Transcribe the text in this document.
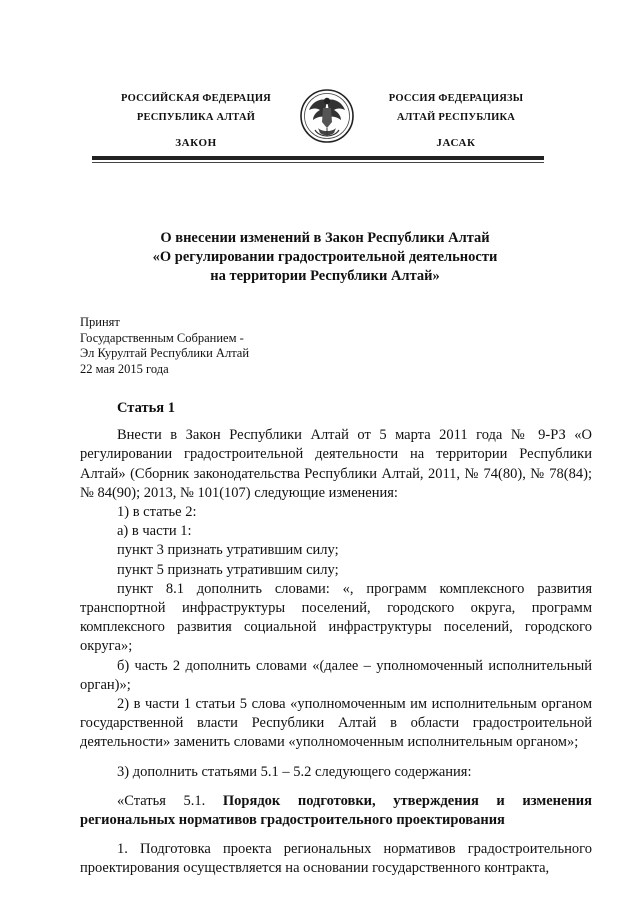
РОССИЙСКАЯ ФЕДЕРАЦИЯ
РЕСПУБЛИКА АЛТАЙ
ЗАКОН
РОССИЯ ФЕДЕРАЦИЯЗЫ
АЛТАЙ РЕСПУБЛИКА
ЈАСАК
О внесении изменений в Закон Республики Алтай
«О регулировании градостроительной деятельности
на территории Республики Алтай»
Принят
Государственным Собранием -
Эл Курултай Республики Алтай
22 мая 2015 года
Статья 1
Внести в Закон Республики Алтай от 5 марта 2011 года № 9-РЗ «О регулировании градостроительной деятельности на территории Республики Алтай» (Сборник законодательства Республики Алтай, 2011, № 74(80), № 78(84); № 84(90); 2013, № 101(107) следующие изменения:
1) в статье 2:
а) в части 1:
пункт 3 признать утратившим силу;
пункт 5 признать утратившим силу;
пункт 8.1 дополнить словами: «, программ комплексного развития транспортной инфраструктуры поселений, городского округа, программ комплексного развития социальной инфраструктуры поселений, городского округа»;
б) часть 2 дополнить словами «(далее – уполномоченный исполнительный орган)»;
2) в части 1 статьи 5 слова «уполномоченным им исполнительным органом государственной власти Республики Алтай в области градостроительной деятельности» заменить словами «уполномоченным исполнительным органом»;
3) дополнить статьями 5.1 – 5.2 следующего содержания:
«Статья 5.1. Порядок подготовки, утверждения и изменения региональных нормативов градостроительного проектирования
1. Подготовка проекта региональных нормативов градостроительного проектирования осуществляется на основании государственного контракта,
